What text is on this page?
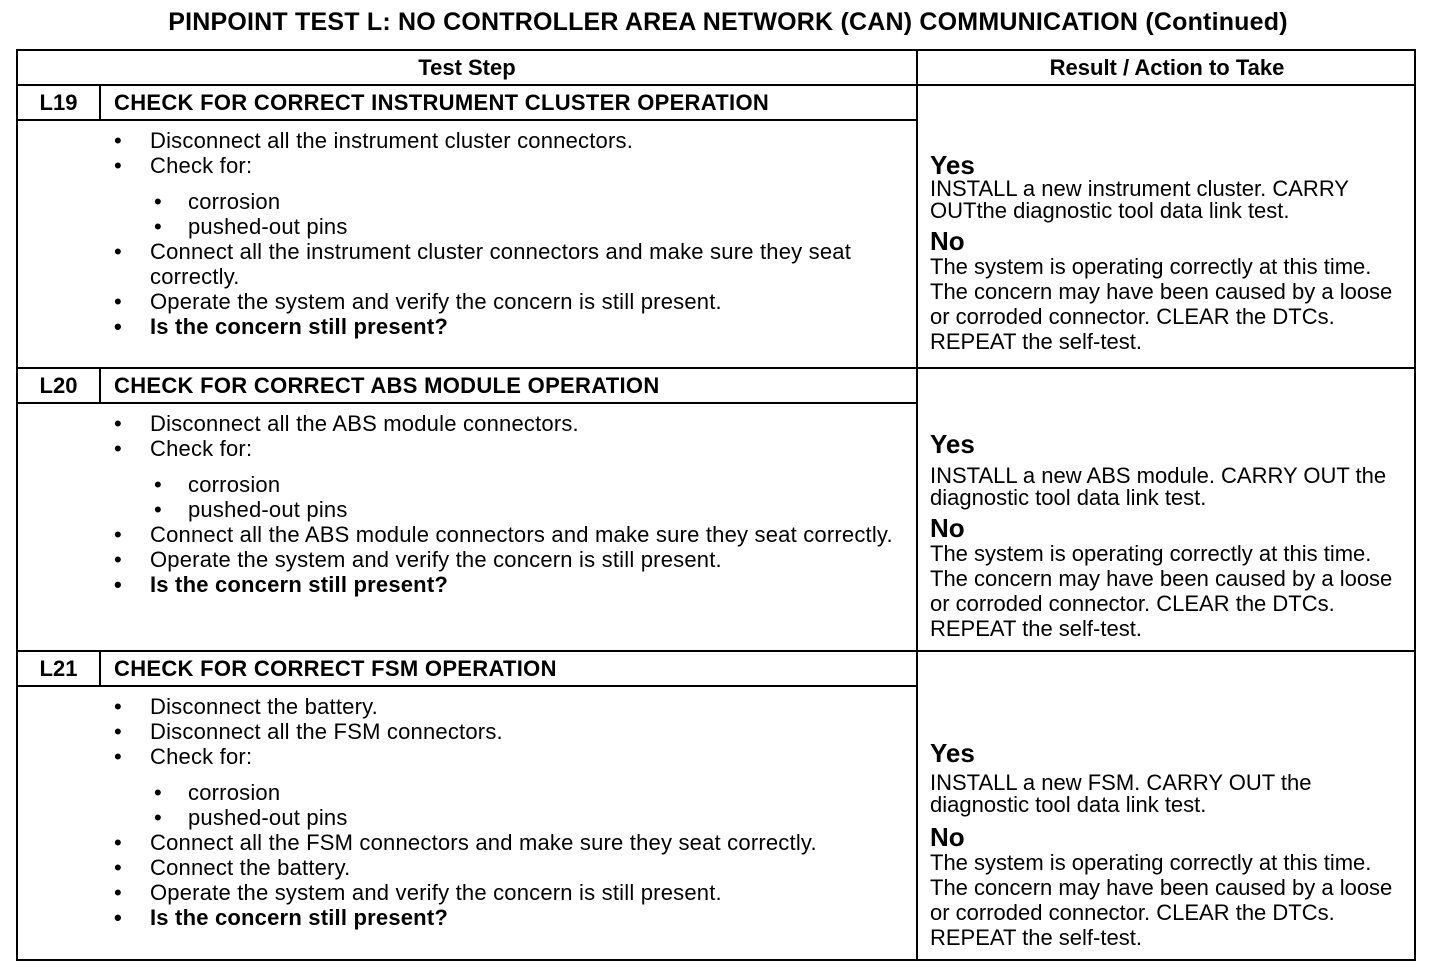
PINPOINT TEST L: NO CONTROLLER AREA NETWORK (CAN) COMMUNICATION (Continued)
Test Step	Result / Action to Take
L19	CHECK FOR CORRECT INSTRUMENT CLUSTER OPERATION
• Disconnect all the instrument cluster connectors.
• Check for:
• corrosion
• pushed-out pins
• Connect all the instrument cluster connectors and make sure they seat correctly.
• Operate the system and verify the concern is still present.
• Is the concern still present?
Yes
INSTALL a new instrument cluster. CARRY OUTthe diagnostic tool data link test.
No
The system is operating correctly at this time. The concern may have been caused by a loose or corroded connector. CLEAR the DTCs. REPEAT the self-test.
L20	CHECK FOR CORRECT ABS MODULE OPERATION
• Disconnect all the ABS module connectors.
• Check for:
• corrosion
• pushed-out pins
• Connect all the ABS module connectors and make sure they seat correctly.
• Operate the system and verify the concern is still present.
• Is the concern still present?
Yes
INSTALL a new ABS module. CARRY OUT the diagnostic tool data link test.
No
The system is operating correctly at this time. The concern may have been caused by a loose or corroded connector. CLEAR the DTCs. REPEAT the self-test.
L21	CHECK FOR CORRECT FSM OPERATION
• Disconnect the battery.
• Disconnect all the FSM connectors.
• Check for:
• corrosion
• pushed-out pins
• Connect all the FSM connectors and make sure they seat correctly.
• Connect the battery.
• Operate the system and verify the concern is still present.
• Is the concern still present?
Yes
INSTALL a new FSM. CARRY OUT the diagnostic tool data link test.
No
The system is operating correctly at this time. The concern may have been caused by a loose or corroded connector. CLEAR the DTCs. REPEAT the self-test.
